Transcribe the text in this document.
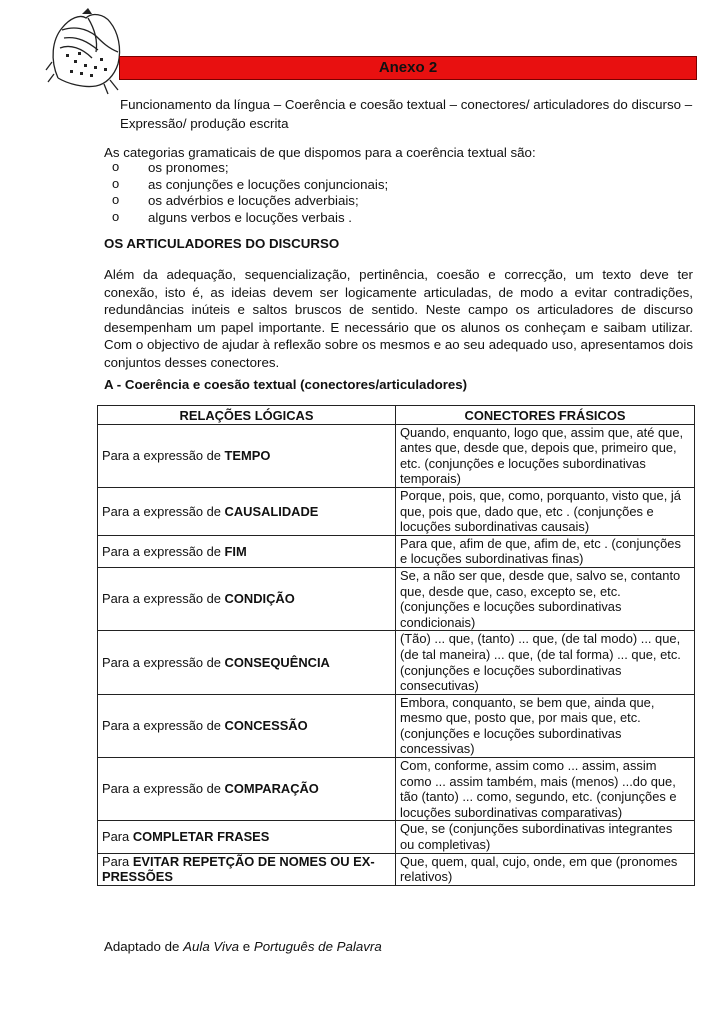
Anexo 2
Funcionamento da língua – Coerência e coesão textual – conectores/ articuladores do discurso – Expressão/ produção escrita
As categorias gramaticais de que dispomos para a coerência textual são:
o os pronomes;
o as conjunções e locuções conjuncionais;
o os advérbios e locuções adverbiais;
o alguns verbos e locuções verbais .
OS ARTICULADORES DO DISCURSO

Além da adequação, sequencialização, pertinência, coesão e correcção, um texto deve ter conexão, isto é, as ideias devem ser logicamente articuladas, de modo a evitar contradições, redundâncias inúteis e saltos bruscos de sentido. Neste campo os articuladores de discurso desempenham um papel importante. E necessário que os alunos os conheçam e saibam utilizar. Com o objectivo de ajudar à reflexão sobre os mesmos e ao seu adequado uso, apresentamos dois conjuntos desses conectores.

A - Coerência e coesão textual (conectores/articuladores)
RELAÇÕES LÓGICAS	CONECTORES FRÁSICOS
Para a expressão de TEMPO	Quando, enquanto, logo que, assim que, até que, antes que, desde que, depois que, primeiro que, etc. (conjunções e locuções subordinativas temporais)
Para a expressão de CAUSALIDADE	Porque, pois, que, como, porquanto, visto que, já que, pois que, dado que, etc . (conjunções e locuções subordinativas causais)
Para a expressão de FIM	Para que, afim de que, afim de, etc . (conjunções e locuções subordinativas finas)
Para a expressão de CONDIÇÃO	Se, a não ser que, desde que, salvo se, contanto que, desde que, caso, excepto se, etc. (conjunções e locuções subordinativas condicionais)
Para a expressão de CONSEQUÊNCIA	(Tão) ... que, (tanto) ... que, (de tal modo) ... que, (de tal maneira) ... que, (de tal forma) ... que, etc. (conjunções e locuções subordinativas consecutivas)
Para a expressão de CONCESSÃO	Embora, conquanto, se bem que, ainda que, mesmo que, posto que, por mais que, etc. (conjunções e locuções subordinativas concessivas)
Para a expressão de COMPARAÇÃO	Com, conforme, assim como ... assim, assim como ... assim também, mais (menos) ...do que, tão (tanto) ... como, segundo, etc. (conjunções e locuções subordinativas comparativas)
Para COMPLETAR FRASES	Que, se (conjunções subordinativas integrantes ou completivas)
Para EVITAR REPETÇÃO DE NOMES OU EX-PRESSÕES	Que, quem, qual, cujo, onde, em que (pronomes relativos)
Adaptado de Aula Viva e Português de Palavra
